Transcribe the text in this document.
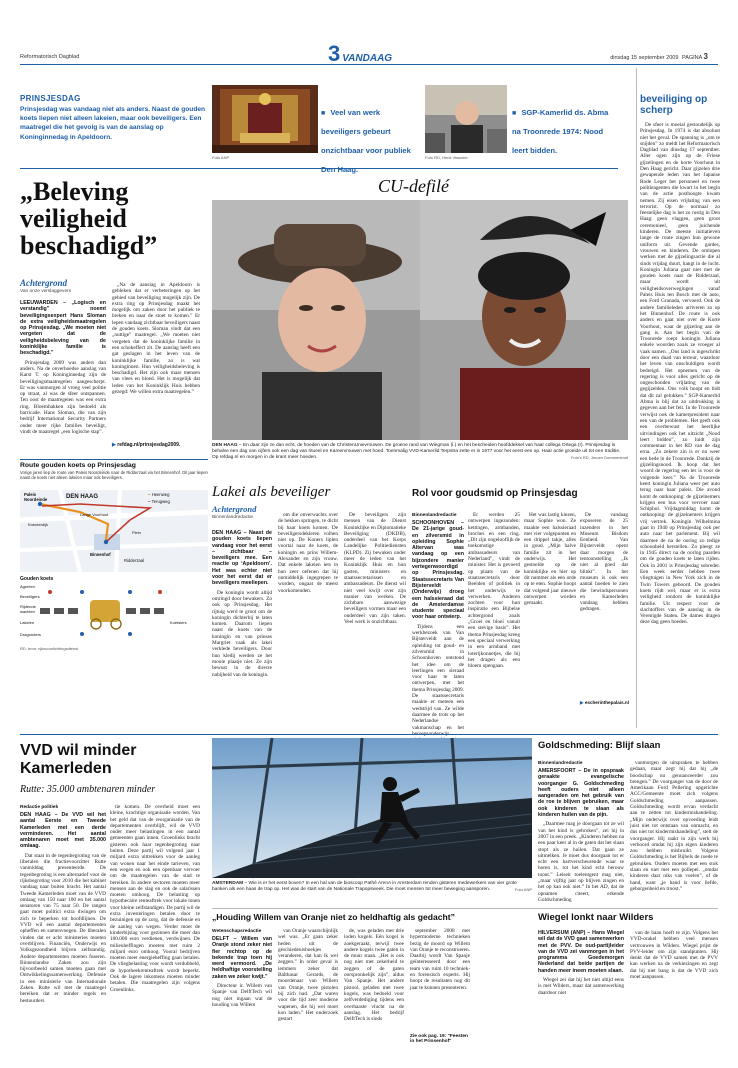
Reformatorisch Dagblad	3 VANDAAG	dinsdag 15 september 2009 PAGINA 3
PRINSJESDAG
Prinsjesdag was vandaag niet als anders. Naast de gouden koets liepen niet alleen lakeien, maar ook beveiligers. Een maatregel die het gevolg is van de aanslag op Koninginnedag in Apeldoorn.
Foto ANP
■ Veel van werk beveiligers gebeurt onzichtbaar voor publiek Den Haag.
Foto RD, Henk Visscher
■ SGP-Kamerlid ds. Abma na Troonrede 1974: Nood leert bidden.
„Beleving veiligheid beschadigd”
Achtergrond
Van onze verslaggevers
LEEUWARDEN – „Logisch en verstandig” noemt beveiligingsexpert Hans Sloman de extra veiligheidsmaatregelen op Prinsjesdag. „We moeten niet vergeten dat de veiligheidsbeleving van de koninklijke familie is beschadigd.”

Prinsjesdag 2009 was anders dan anders. Na de onverhoedse aanslag van Karst T. op Koninginnedag zijn de beveiligingsmaatregelen aangescherpt. Er was vanmorgen al vroeg veel politie op straat, al was de sfeer ontspannen. Ten oost de maatregelen was een extra ring. Bloembakken zijn bedoeld als barricade. Hans Sloman, die van zijn bedrijf International Security Partners onder meer rijke families beveiligt, vindt de maatregel „een logische stap”.

„Na de aanslag in Apeldoorn is gebleken dat er verbeteringen op het gebied van beveiliging mogelijk zijn. De extra ring op Prinsjesdag maakt het mogelijk om zaken door het publiek te breken en naar de stoet te komen.” Er lepen vandaag zichtbaar beveiligers naast de gouden koets. Sloman vindt dat een „nuttige” maatregel. „We moeten niet vergeten dat de koninklijke familie in een schokeffect zit. De aanslag heeft een gat geslagen in het leven van de koninklijke familie, zo is wat koninginnen. Hun veiligheidsbeleving is beschadigd. Het zijn ook maar mensen van vlees en bloed. Het is mogelijk dat leden van het Koninklijk Huis hebben gezegd: We willen extra maatregelen.”

▶ refdag.nl/prinsjesdag2009.
Route gouden koets op Prinsjesdag
Vorige jaren liep de route van Paleis Noordeinde naar de Ridderzaal via het Binnenhof. Dit jaar liepen naast de koets niet alleen lakeien maar ook beveiligers.
Paleis Noordeinde	DEN HAAG	━ Heenweg
━ Terugweg
Lange Voorhout
Kneuterdijk
Plein
Binnenhof
Ridderzaal
Gouden koets
Agenten
Beveiligers
Rijdende wachten
Lakeien	Koetsiers
Dragonders
RD, bron: rijksvoorlichtingsdienst
CU-defilé
DEN HAAG – En daar zijn ze dan echt, de hoeden van de ChristenUnievrouwen. De groene rand van Wiegman (l.) en het bescheiden hoofddeksel van haar collega Ortega (r). Prinsjesdag is behalve een dag van cijfers ook een dag van ritueel en Kamervrouwen met hoed. Toenmalig VVD-Kamerlid Terpstra zette er in 1977 voor het eerst een op. Haar actie groeide uit tot een traditie. Op refdag.nl en morgen in de krant meer hoeden.	Foto's RD, Jeroen Dommershuit
Lakei als beveiliger
Achtergrond
Binnenlandredactie
DEN HAAG – Naast de gouden koets liepen vandaag voor het eerst – zichtbaar – beveiligers mee. Een reactie op ‘Apeldoorn’. Het was echter niet voor het eerst dat er beveiligers meeliepen.

De koningin wordt altijd omringd door bewakers. Zo ook op Prinsjesdag. Het rijtuig werd te groot om de koningin dichterbij te laten komen. Daarom liepen naast de koets van de koningin en van prinses Margriet vaak als lakei verklede beveiligers. Door hun kledij werden ze het mooie plaatje niet. Ze zijn bewust in de directe nabijheid van de koningin.

om die onverwachts over de hekken springen, te dicht bij haar koets komen. De beveiligersdekleren volhen niet op. De Koners liplen voortal naar de koets, de koningin en prins Willem-Alexander en zijn vrouw. Dat enkele lakeien iets in hun zeer oefenen dat hij onmiddelijk ingegrepen te worden, ongaat de meest voorkomenden.

De beveiligers zijn mensen van de Dienst Koninklijke en Diplomatieke Beveiliging (DKDB), onderdeel van het Korps Landelijke Politiediensten (KLPD). Zij bewaken onder meer de leden van het Koninklijk Huis en hun gasten, ministers en staatssecretarissen en ambassadeurs. De dienst wil niet veel kwijt over zijn manier van werken. De zichtbare aanwezige beveiligers vormen maar een onderdeel van zijn taken. Veel werk is onzichtbaar.

Rol voor goudsmid op Prinsjesdag
Binnenlandredactie
SCHOONHOVEN – De 21-jarige goud- en zilversmid in opleiding Sophie Altervan was vandaag op een bijzondere manier vertegenwoordigd op Prinsjesdag. Staatssecretaris Van Bijsterveldt (Onderwijs) droeg een halssieraad dat de Amsterdamse studente speciaal voor haar ontwierp.

Tijdens een werkbezoek van Van Bijsterveldt aan de opleiding tot goud- en zilversmid in Schoonhoven ontstond het idee om de leerlingen een sieraad voor haar te laten ontwerpen, met het thema Prinsjesdag 2009. De staatssecretaris maakte er meteen een wedstrijd van. Ze wilde daarmee de trots op het Nederlandse vakmanschap en het beroepsonderwijs

Er werden 25 ontwerpen ingezonden: kettingen, armbanden, broches en een ring. „Dit zijn ongelooflijk de toekomstige ambassadeurs van Nederland”, vindt de minister. Het is gevoerd op plaats van de staatssecretaris door Beelden of politiek in het onderwijs te verwerken. Anderen zochten voor hun inspiratie een Bijbelse achtergrond zoals „Groei en bloei vanuit een stevige basis”. Het thema Prinsjesdag kreeg een speciaal verwerking in een armband met loterijkonnetjes, die bij het dragen als een bloem opengaan.

Het was lastig kiezen, maar Sophie won. Ze maakte een halssieraad met vier volgepunten en een drippel takje, alles in goud. „Mijn halve familie zit in het onderwijs. Het gestoelde op de koninklijke en hier op dit nummer als een orde op te eten. Sophie hoopt dat volgend jaar nieuwe ontwerpen worden gemaakt.

De vandaag exposeren de 25 inzenders in het Museum Bisdom Eenheid. Van Bijsterveldt opent daar morgen de tentoonstelling „Ik niet al goed dat blinkt”. In het museum is ook een aantal hoeden te zien die bewindspersonen en Kamerleden vandaag hebben gedragen.

▶ escherinthepalais.nl
beveiliging op scherp

De sfeer is moeial gestoudelijk op Prinsjesdag. In 1974 is dat absoluut niet het geval. De spanning is „om te snijden” zo meldt het Reformatorisch Dagblad van dinsdag 17 september. Aller ogen zijn op de Friese gijzelingen en de korte Voorhout in Den Haag gericht. Daar gijzelen drie gewapende leden van het Japanse Rode Leger het personeel en twee politieagenten die kwart in het begin van de actie posthoogte kwam nemen. Zij eisen vrijlating van een terrorist. Op de normaal zo feestelijke dag is het zo rustig in Den Haag: geen vlaggen, geen groot ceremonieel, geen juichende kinderen. De meeste initiatieven lange de route zingen hun gewone uniform uit. Gevende gardes, vrouwen en kinderen. De omlopen werken met de gijzelingsactie die al sinds vrijdag duurt, hangt in de lucht. Koningin Juliana gaat niet met de gouden koets naar de Ridderzaal, maar wordt uit veiligheidsoverwegingen vanaf Paleis Huis ten Bosch met de auto, een Ford Granada, vervoerd. Ook de andere familieleden arriveren zo op het Binnenhof. De route is ook anders en gaat niet over de Korte Voorhout, waar de gijzeling aan de gang is. Aan het begin van de Troonrede roept koningin Juliana enkele woorden zoals ze vroeger al vaak namen. „Ons land is ingeschrikt door een duad van terreur, waardoor het leven van onschuldigen wordt bedreigd. Het opnemen van de regering is voor alles gericht op de ongeschonden vrijlating van de gegijzelden. Ons volk hoopt en bidt dat dit zal gelukken.” SGP-Kamerlid Abma is blij dat zo uitdrukking is gegeven aan het feit. In de Troonrede verwijst ook de kamerpresident naar een van de problemen. Het geeft ook een overbewust het heerlijke uitvindingen ook het uitzicht „Nood leert bidden”, zo luidt zijn commentaar in het RD van de dag erna. „Zo zekere zin is er nu weer een bede in de Troonrede. Dankzij de gijzelingsnood. Ik hoop dat het woord de regering een les is voor de volgende keer.” Na de Troonrede keert koningin Juliana weer per auto terug naar haar paleis. Die avond komt de ontknoping: de gijzelnemers krijgen een bus voor vervoer naar Schiphol. Vrijdagmiddag komt de ontknoping: de gijzelnemers krijgen vrij vertrek. Koningin Wilhelmina gaat in 1940 op Prinsjesdag ook per auto naar het parlement. Bij wil daarmee de na de oorlog zo tedige schoonheid herstellen. Zo pleegt ze in 1945 direct na de oorlog paarden om de gouden koets te laten rijden. Ook in 2001 is Prinsjesdag sobreder. Een week eerder hebben twee vliegtuigen in New York zich in de Twin Towers geboord. De gouden koets rijdt wel, maar er is extra veiligheid rondom de koninklijke familie. Uit respect voor de slachtoffers van de aanslag in de Verenigde Staten. De dames dragen deze dag geen hoeden.

VVD wil minder Kamerleden
Rutte: 35.000 ambtenaren minder
Redactie politiek
DEN HAAG – De VVD wil het aantal Eerste en Tweede Kamerleden met een derde verminderen. Het aantal ambtenaren moet met 35.000 omlaag.

Dat staat in de tegenbegroting van de liberalen die fractievoorzitter Rutte vanmiddag presenteerde. De tegenbegroting is een alternatief voor de rijksbegroting voor 2010 die het kabinet vandaag naar buiten bracht. Het aantal Tweede Kamerleden moet van de VVD omlaag van 150 naar 100 en het aantal senatoren van 75 naar 50. De rangen gaat moet politici extra dwingen om zich te beperken tot hoofdlijnen. De VVD wil een aantal departementen opheffen en samenvoegen. De liberalen vinden dat er acht ministeries moeten overblijven. Financiën, Onderwijs en Volksgezondheid blijven zelfstandig. Andere departementen moeten fuseren. Binnenlandse Zaken zou zijn bijvoorbeeld samen moeten gaan met Ontwikkelingssamenwerking. Defensie in een ministerie van Internationale Zaken. Rutte wil met de maatregel bereiken dat er minder regels en bestuurders

tie komen. De overheid moet een kleine, krachtige organisatie worden. Van het geld dat van de reorganisatie van de departementen overblijft, wil de VVD onder meer belastingen in een aantal gemeenten gaan innen. Groenlinks bracht gisteren ook haar tegenbegroting naar buiten. Deze partij wil volgend jaar 1 miljard extra uittrekken voor de aanleg van wonen naar het einde tarieven, van een wegen en ook een openbaar vervoer om de maatregelen van de stad te bereiken. In andere sectoren moeten meer mensen aan de slag en ook de salarissen moeten omhoog. De belasting op hypothecaire renteaftrek voor lokale lonen voor kleine zelfstandigen. De partij wil de extra investeringen betalen door te bezuinigen op de zorg, dat de defensie en de aanleg van wegen. Verder moet de kinderbijslag voor gezinnen die meer dan 100.000 euro verdienen, verdwijnen. De milieuheffingen moeten met ruim 2 miljard euro omhoog. Vooral bedrijven moeten meer energieheffing gaan betalen. De vliegbelasting voor wordt verdubbeld, de hypotheekrenteaftrek wordt beperkt. Ook de lagere inkomens moeten minder betalen. Die maatregelen zijn volgens Groenlinks.

AMSTERDAM – Wie is er het eerst boven? In een hal van de bioscoop Pathé ArenA in Amsterdam renden gisteren medewerkers van vier grote banken als een haas de trap op. Het was de start van de Nationale Trapopsweek. Die moet mensen tot meer beweging aansporen.	Foto ANP
Goldschmeding: Blijf slaan
Binnenlandredactie
AMERSFOORT – De in opspraak geraakte evangelische voorganger G. Goldschmeding heeft ouders niet alleen aangeraden om het gebruik van de roe te blijven gebruiken, maar ook kinderen te slaan als kinderen huilen van de pijn.

„Daarmee mag je doorgaan tot ze wil van het kind is gebroken”, zei hij in 2007 in een preek. „Kinderen hebben na een paar keer al in de gaten dat het slaan stopt als ze huilen. Dat gaan ze uitmelken. Je moet dus doorgaan tot er echt een hartverscheurende waar te horen is, tot het kind echt berouw toont.” Leiseit toelentgent mag niet, „maar vijftig jaar op blijven zingen en het op kan ook niet.” In het AD, dat de opnamen citeert, erkende Goldschmeding

vanmorgen de uitspraken te hebben gedaan, maar zegt hij dat hij „de boodschap nu genuanceerder zou brengen.” De voorganger van de door de Amerikaan Ford Pellering opgerichte ACC/Gemeente moet zich volgens Goldschmeding aanpassen. Goldschmeding wordt ervan verdacht aan te zetten tot kindermishandeling. „Mijn onderwijs over opvoeding leidt juist niet tot ontstaan van onmacht, en dus niet tot kindermishandeling”, stelt de voorganger. Hij raakt in zijn werk bij verboord omdat hij zijn eigen kinderen zou hebben misbruikt. Volgens Goldschmeding is het Bijbels de roede te gebruiken. Ouders moeten met een stok slaan en niet met een pollepel. „omdat kinderen daar niks van voelen”, of de hand, want „je hand is voor liefde, geborgenheid en troost.”

„Houding Willem van Oranje niet zo heldhaftig als gedacht”
Wetenschapsredactie
DELFT – Willem van Oranje stond zeker niet fier rechtop op de bekende trap toen hij werd vermoord. „De heldhaftige voorstelling zaken we zeker kwijt.”

Directeur ir. Willem van Spanje van DelftTech wil nog niet ingaan wat de houding van Willem

van Oranje waarschijnlijk wel was. „Er gaan zeker heden uit de geschiedenisboekjes veranderen, dat kan ik wel zeggen.” In order geval is iemmers zeker dat Balthasar Gerards, de moordenaar van Willem van Oranje, twee pistolen bij zich had. „Dat waren voor die tijd zeer moderne wapenen, die hij wel moet kon laden.” Het onderzoek gestart

de, was geladen met drie loden kogels. Eén kogel is zoekgeraakt, terwijl twee andere kogels twee gaten in de muur staan. „Het is ook nog niet met zekerheid te zeggen of de gaten oorspronkelijk zijn”, aldus Van Spanje. Het andere pistool, geladen met twee kogels, was bedoeld voor zelfverdediging tijdens een overhaaste vlucht na de aanslag. Het bedrijf DelftTech is sinds

september 2008 met hypermoderne technieken bezig de moord op Willem van Oranje te reconstrueren. Daarbij wordt Van Spanje geïnteresseerd door een team van ruim 10 techniek- en forensisch experts. Hij hoopt de resultaten nog dit jaar te kunnen presenteren.

Zie ook pag. 19: "Feesten in het Prinsenhof"
Wiegel lonkt naar Wilders
HILVERSUM (ANP) – Hans Wiegel wil dat de VVD gaat samenwerken met de PVV. De oud-partijleider van de VVD zei vanmorgen in het programma Goedemorgen Nederland dat beide partijen de handen meer ineen moeten slaan.

Wiegel zei dat hij het niet altijd eens is met Wilders, maar dat samenwerking daardoor niet

van de baan hoeft te zijn. Volgens het VVD-orakel hebben veel mensen vertrouwen in Wilders. Wiegel prijst de PVV-leider om zijn standpunten. Hij denkt dat de VVD samen met de PVV kan werken na de verkiezingen en zegt dat hij niet bang is dat de VVD zich moet aanpassen.
